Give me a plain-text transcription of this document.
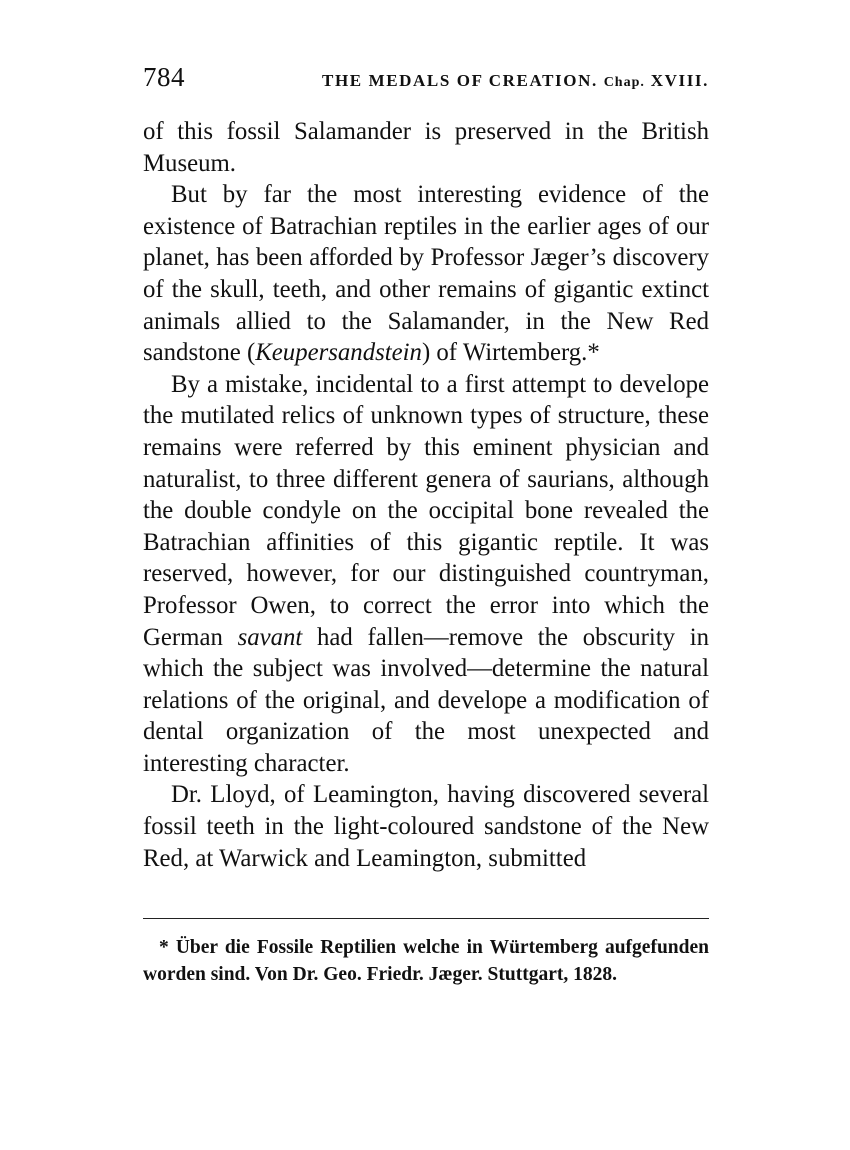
784	THE MEDALS OF CREATION. Chap. XVIII.

of this fossil Salamander is preserved in the British Museum.

But by far the most interesting evidence of the existence of Batrachian reptiles in the earlier ages of our planet, has been afforded by Professor Jæger’s discovery of the skull, teeth, and other remains of gigantic extinct animals allied to the Salamander, in the New Red sandstone (Keupersandstein) of Wirtemberg.*

By a mistake, incidental to a first attempt to develope the mutilated relics of unknown types of structure, these remains were referred by this eminent physician and naturalist, to three different genera of saurians, although the double condyle on the occipital bone revealed the Batrachian affinities of this gigantic reptile. It was reserved, however, for our distinguished countryman, Professor Owen, to correct the error into which the German savant had fallen—remove the obscurity in which the subject was involved—determine the natural relations of the original, and develope a modification of dental organization of the most unexpected and interesting character.

Dr. Lloyd, of Leamington, having discovered several fossil teeth in the light-coloured sandstone of the New Red, at Warwick and Leamington, submitted

* Über die Fossile Reptilien welche in Würtemberg aufgefunden worden sind. Von Dr. Geo. Friedr. Jæger. Stuttgart, 1828.
